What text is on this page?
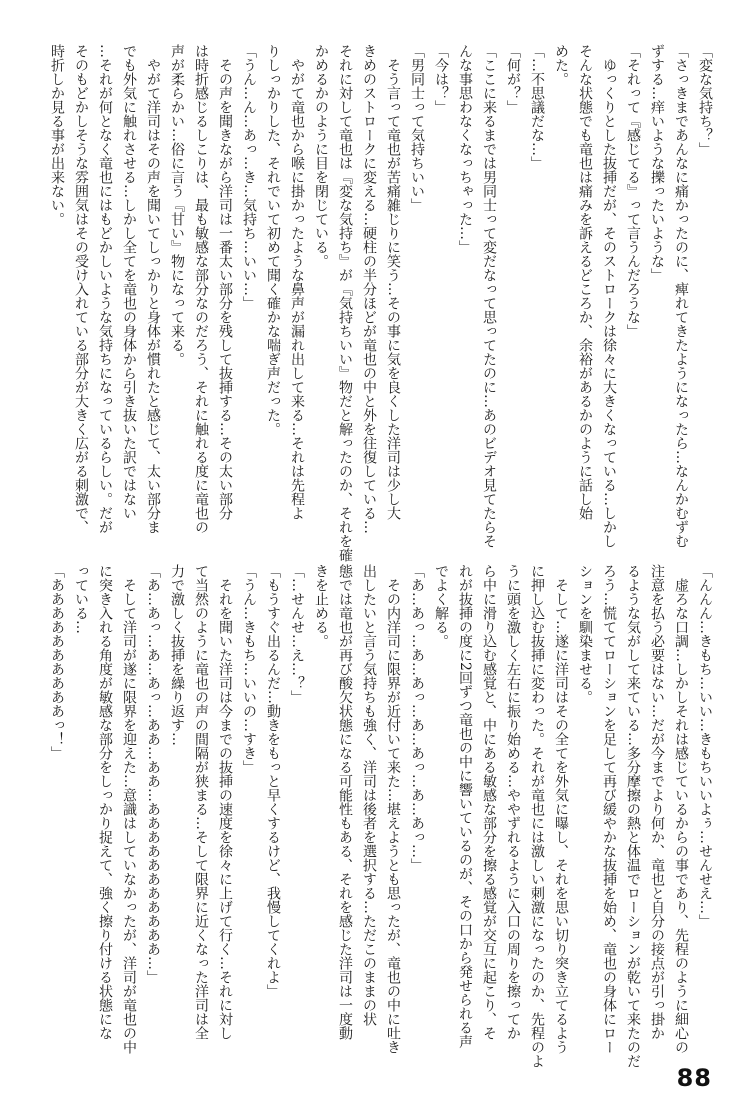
「変な気持ち？」
「さっきまであんなに痛かったのに、痺れてきたようになったら…なんかむずむ
ずする…痒いような擽ったいような」
「それって『感じてる』って言うんだろうな」
　ゆっくりとした抜挿だが、そのストロークは徐々に大きくなっている…しかし
そんな状態でも竜也は痛みを訴えるどころか、余裕があるかのように話し始
めた。
「…不思議だな…」
「何が？」
「ここに来るまでは男同士って変だなって思ってたのに…あのビデオ見てたらそ
んな事思わなくなっちゃった…」
「今は？」
「男同士って気持ちいい」
　そう言って竜也が苦痛雑じりに笑う…その事に気を良くした洋司は少し大
きめのストロークに変える…硬柱の半分ほどが竜也の中と外を往復している…
それに対して竜也は『変な気持ち』が『気持ちいい』物だと解ったのか、それを確
かめるかのように目を閉じている。
　やがて竜也から喉に掛かったような鼻声が漏れ出して来る…それは先程よ
りしっかりした、それでいて初めて聞く確かな喘ぎ声だった。
「うん…ん…あっ…き…気持ち…いい…」
　その声を聞きながら洋司は一番太い部分を残して抜挿する…その太い部分
は時折感じるしこりは、最も敏感な部分なのだろう、それに触れる度に竜也の
声が柔らかい…俗に言う『甘い』物になって来る。
　やがて洋司はその声を聞いてしっかりと身体が慣れたと感じて、太い部分ま
でも外気に触れさせる…しかし全てを竜也の身体から引き抜いた訳ではない
…それが何となく竜也にはもどかしいような気持ちになっているらしい。だが
そのもどかしそうな雰囲気はその受け入れている部分が大きく広がる刺激で、
時折しか見る事が出来ない。
「んんん…きもち…いい…きもちいいよぅ…せんせえ…」
　虚ろな口調…しかしそれは感じているからの事であり、先程のように細心の
注意を払う必要はない…だが今までより何か、竜也と自分の接点が引っ掛か
るような気がして来ている…多分摩擦の熱と体温でローションが乾いて来たのだ
ろう…慌ててローションを足して再び緩やかな抜挿を始め、竜也の身体にロー
ションを馴染ませる。
　そして…遂に洋司はその全てを外気に曝し、それを思い切り突き立てるよう
に押し込む抜挿に変わった。それが竜也には激しい刺激になったのか、先程のよ
うに頭を激しく左右に振り始める…ややずれるように入口の周りを擦ってか
ら中に滑り込む感覚と、中にある敏感な部分を擦る感覚が交互に起こり、そ
れが抜挿の度に2回ずつ竜也の中に響いているのが、その口から発せられる声
でよく解る。
「あ…あっ…あ…あっ…あ…あっ…あ…あっ…」
　その内洋司に限界が近付いて来た…堪えようとも思ったが、竜也の中に吐き
出したいと言う気持ちも強く、洋司は後者を選択する…ただこのままの状
態では竜也が再び酸欠状態になる可能性もある、それを感じた洋司は一度動
きを止める。
「…せんせ…え…？」
「もうすぐ出るんだ…動きをもっと早くするけど、我慢してくれよ」
「うん…きもち…いいの…すき」
　それを聞いた洋司は今までの抜挿の速度を徐々に上げて行く…それに対し
て当然のように竜也の声の間隔が狭まる…そして限界に近くなった洋司は全
力で激しく抜挿を繰り返す…
「あ…あっ…あ…あっ…ああ…ああ…あああああああああああ…」
　そして洋司が遂に限界を迎えた…意識はしていなかったが、洋司が竜也の中
に突き入れる角度が敏感な部分をしっかり捉えて、強く擦り付ける状態にな
っている…
「ああああああああああっ！」
88
